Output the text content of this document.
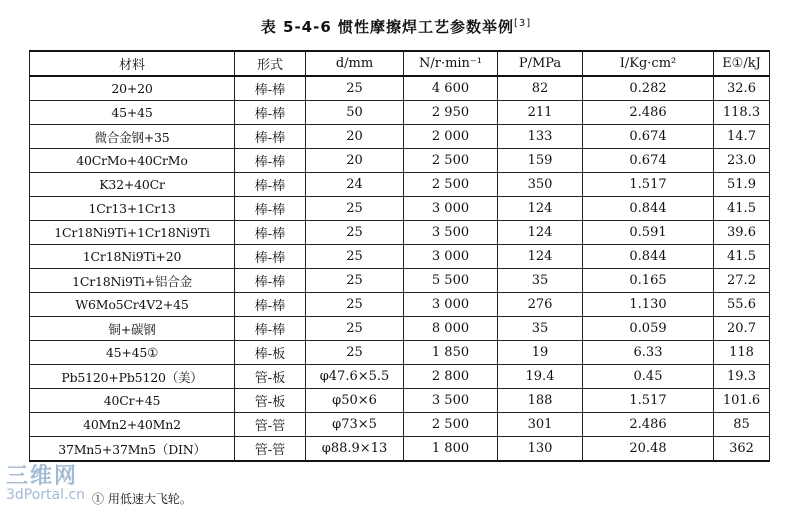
表 5-4-6 惯性摩擦焊工艺参数举例[3]
材料	形式	d/mm	N/r·min⁻¹	P/MPa	I/Kg·cm²	E①/kJ
20+20	棒-棒	25	4 600	82	0.282	32.6
45+45	棒-棒	50	2 950	211	2.486	118.3
微合金钢+35	棒-棒	20	2 000	133	0.674	14.7
40CrMo+40CrMo	棒-棒	20	2 500	159	0.674	23.0
K32+40Cr	棒-棒	24	2 500	350	1.517	51.9
1Cr13+1Cr13	棒-棒	25	3 000	124	0.844	41.5
1Cr18Ni9Ti+1Cr18Ni9Ti	棒-棒	25	3 500	124	0.591	39.6
1Cr18Ni9Ti+20	棒-棒	25	3 000	124	0.844	41.5
1Cr18Ni9Ti+铝合金	棒-棒	25	5 500	35	0.165	27.2
W6Mo5Cr4V2+45	棒-棒	25	3 000	276	1.130	55.6
铜+碳钢	棒-棒	25	8 000	35	0.059	20.7
45+45①	棒-板	25	1 850	19	6.33	118
Pb5120+Pb5120（美）	管-板	φ47.6×5.5	2 800	19.4	0.45	19.3
40Cr+45	管-板	φ50×6	3 500	188	1.517	101.6
40Mn2+40Mn2	管-管	φ73×5	2 500	301	2.486	85
37Mn5+37Mn5（DIN）	管-管	φ88.9×13	1 800	130	20.48	362
① 用低速大飞轮。
三维网
3dPortal.cn
